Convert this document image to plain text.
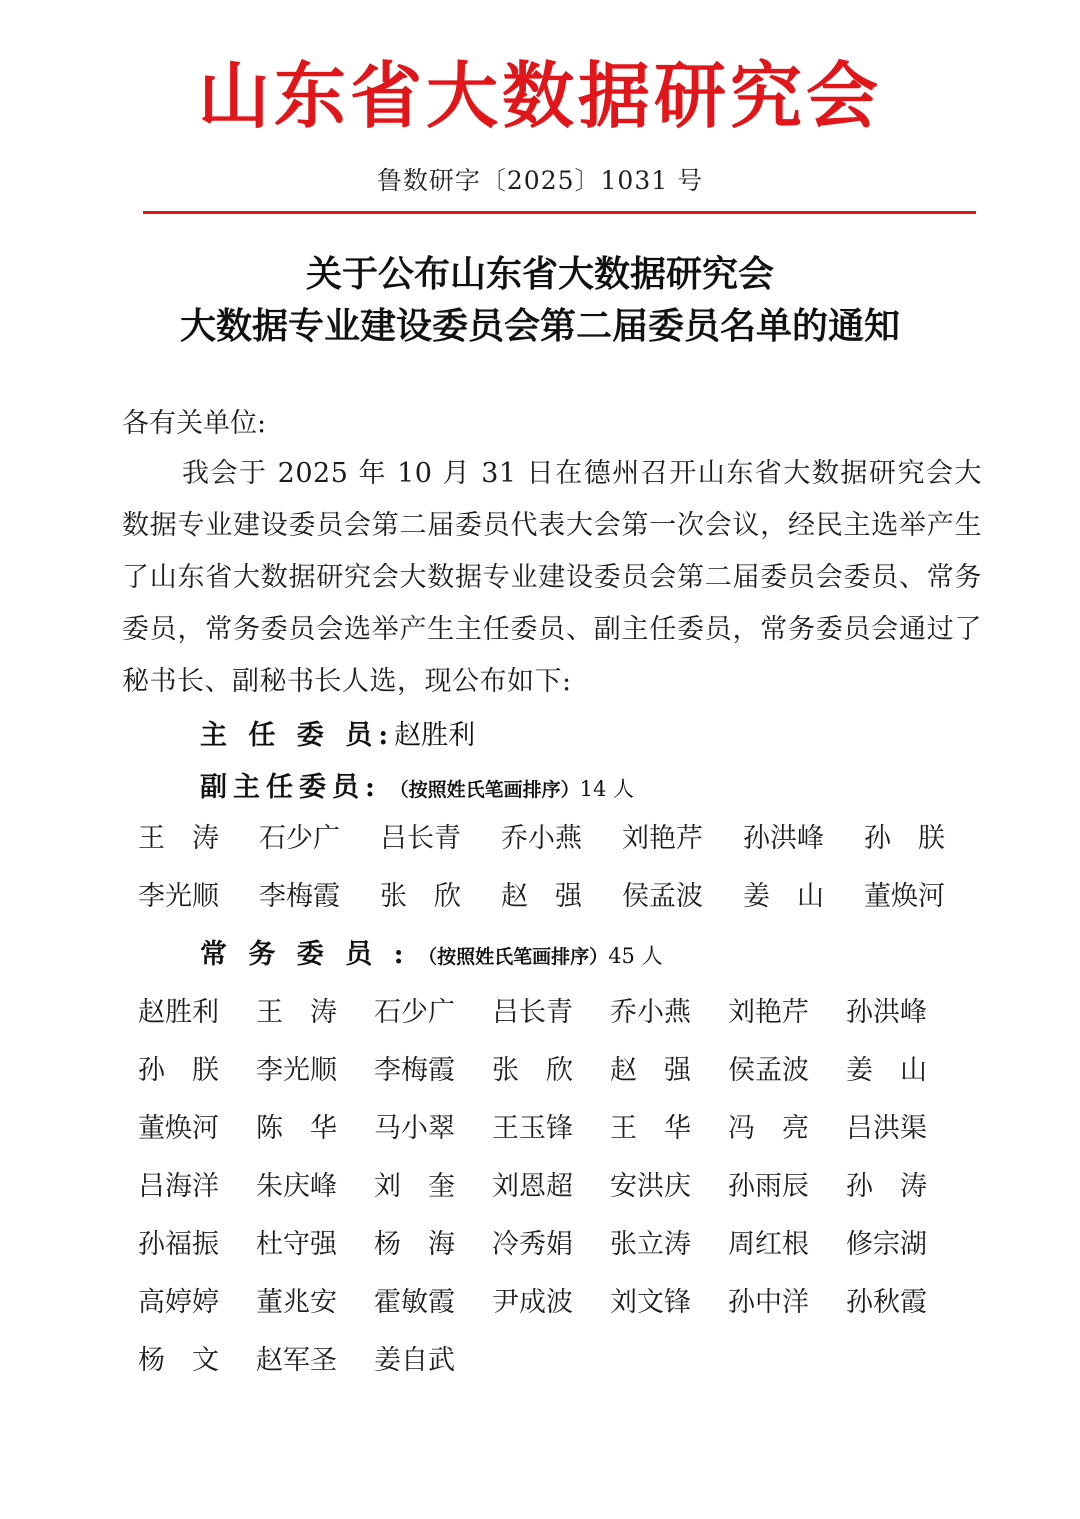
山东省大数据研究会
鲁数研字〔2025〕1031 号
关于公布山东省大数据研究会
大数据专业建设委员会第二届委员名单的通知
各有关单位:
我会于 2025 年 10 月 31 日在德州召开山东省大数据研究会大数据专业建设委员会第二届委员代表大会第一次会议，经民主选举产生了山东省大数据研究会大数据专业建设委员会第二届委员会委员、常务委员，常务委员会选举产生主任委员、副主任委员，常务委员会通过了秘书长、副秘书长人选，现公布如下:
主 任 委 员:赵胜利
副主任委员: （按照姓氏笔画排序）14 人
王　涛	石少广	吕长青	乔小燕	刘艳芹	孙洪峰	孙　朕
李光顺	李梅霞	张　欣	赵　强	侯孟波	姜　山	董焕河
常 务 委 员 : （按照姓氏笔画排序）45 人
赵胜利	王　涛	石少广	吕长青	乔小燕	刘艳芹	孙洪峰
孙　朕	李光顺	李梅霞	张　欣	赵　强	侯孟波	姜　山
董焕河	陈　华	马小翠	王玉锋	王　华	冯　亮	吕洪渠
吕海洋	朱庆峰	刘　奎	刘恩超	安洪庆	孙雨辰	孙　涛
孙福振	杜守强	杨　海	冷秀娟	张立涛	周红根	修宗湖
高婷婷	董兆安	霍敏霞	尹成波	刘文锋	孙中洋	孙秋霞
杨　文	赵军圣	姜自武
